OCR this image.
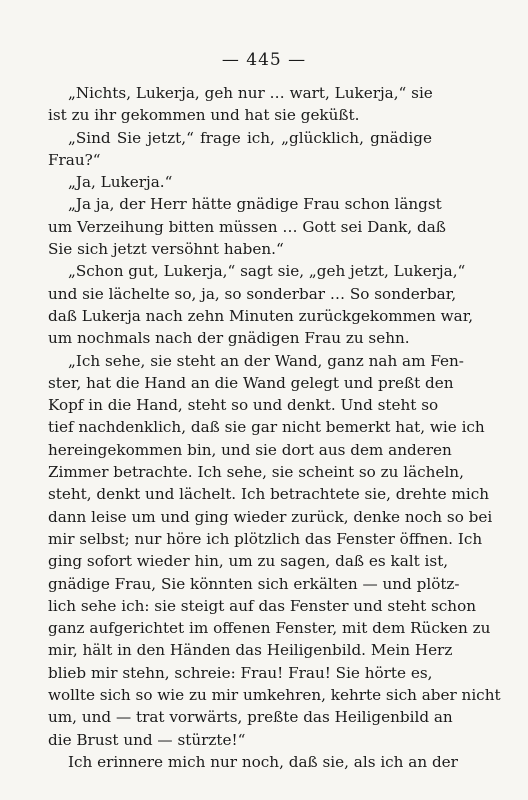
— 445 —
„Nichts, Lukerja, geh nur … wart, Lukerja,“ sie
ist zu ihr gekommen und hat sie geküßt.
„Sind Sie jetzt,“ frage ich, „glücklich, gnädige
Frau?“
„Ja, Lukerja.“
„Ja ja, der Herr hätte gnädige Frau schon längst
um Verzeihung bitten müssen … Gott sei Dank, daß
Sie sich jetzt versöhnt haben.“
„Schon gut, Lukerja,“ sagt sie, „geh jetzt, Lukerja,“
und sie lächelte so, ja, so sonderbar … So sonderbar,
daß Lukerja nach zehn Minuten zurückgekommen war,
um nochmals nach der gnädigen Frau zu sehn.
„Ich sehe, sie steht an der Wand, ganz nah am Fen-
ster, hat die Hand an die Wand gelegt und preßt den
Kopf in die Hand, steht so und denkt. Und steht so
tief nachdenklich, daß sie gar nicht bemerkt hat, wie ich
hereingekommen bin, und sie dort aus dem anderen
Zimmer betrachte. Ich sehe, sie scheint so zu lächeln,
steht, denkt und lächelt. Ich betrachtete sie, drehte mich
dann leise um und ging wieder zurück, denke noch so bei
mir selbst; nur höre ich plötzlich das Fenster öffnen. Ich
ging sofort wieder hin, um zu sagen, daß es kalt ist,
gnädige Frau, Sie könnten sich erkälten — und plötz-
lich sehe ich: sie steigt auf das Fenster und steht schon
ganz aufgerichtet im offenen Fenster, mit dem Rücken zu
mir, hält in den Händen das Heiligenbild. Mein Herz
blieb mir stehn, schreie: Frau! Frau! Sie hörte es,
wollte sich so wie zu mir umkehren, kehrte sich aber nicht
um, und — trat vorwärts, preßte das Heiligenbild an
die Brust und — stürzte!“
Ich erinnere mich nur noch, daß sie, als ich an der
